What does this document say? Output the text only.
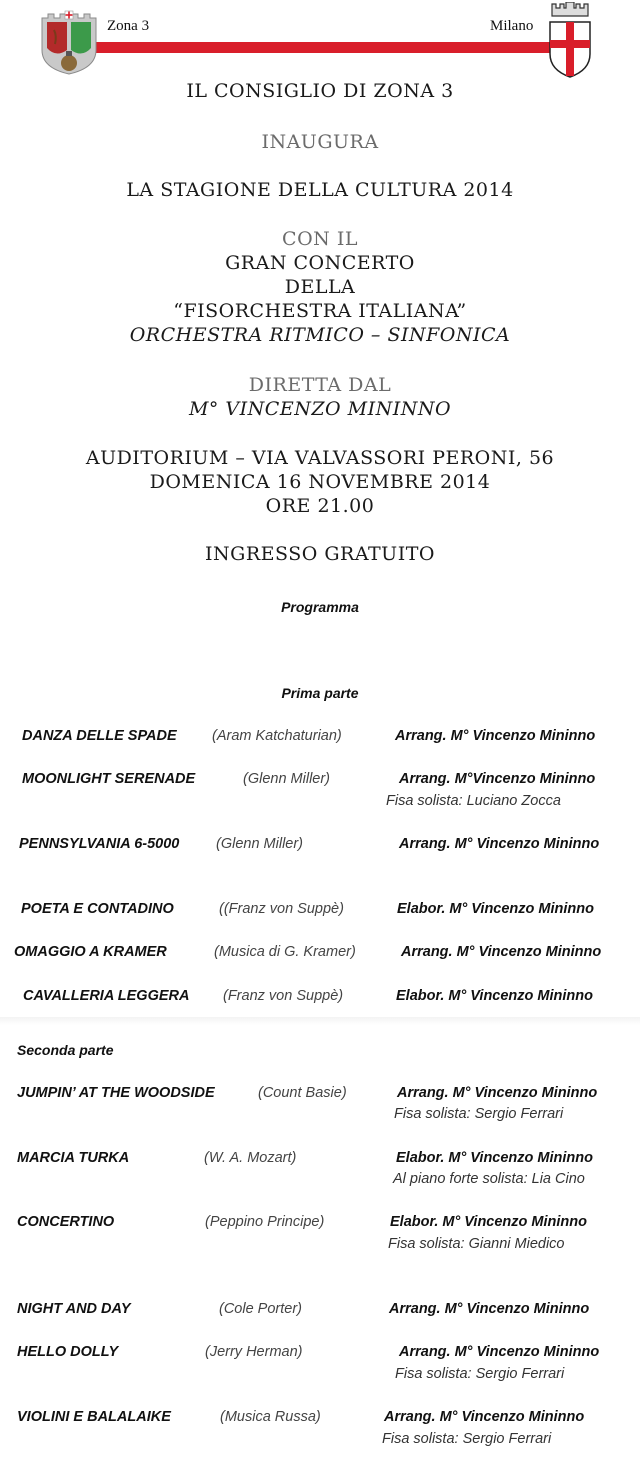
Zona 3	Milano
IL CONSIGLIO DI ZONA 3
INAUGURA
LA STAGIONE DELLA CULTURA 2014
CON IL
GRAN CONCERTO
DELLA
“FISORCHESTRA ITALIANA”
ORCHESTRA RITMICO – SINFONICA
DIRETTA DAL
M° VINCENZO MININNO
AUDITORIUM – VIA VALVASSORI PERONI, 56
DOMENICA 16 NOVEMBRE 2014
ORE 21.00
INGRESSO GRATUITO
Programma
Prima parte
DANZA DELLE SPADE (Aram Katchaturian)	Arrang. M° Vincenzo Mininno
MOONLIGHT SERENADE	(Glenn Miller)	Arrang. M°Vincenzo Mininno
Fisa solista: Luciano Zocca
PENNSYLVANIA 6-5000	(Glenn Miller)	Arrang. M° Vincenzo Mininno
POETA E CONTADINO	((Franz von Suppè)	Elabor. M° Vincenzo Mininno
OMAGGIO A KRAMER	(Musica di G. Kramer)	Arrang. M° Vincenzo Mininno
CAVALLERIA LEGGERA (Franz von Suppè)	Elabor. M° Vincenzo Mininno
Seconda parte
JUMPIN’ AT THE WOODSIDE	(Count Basie)	Arrang. M° Vincenzo Mininno
Fisa solista: Sergio Ferrari
MARCIA TURKA	(W. A. Mozart)	Elabor. M° Vincenzo Mininno
Al piano forte solista: Lia Cino
CONCERTINO	(Peppino Principe)	Elabor. M° Vincenzo Mininno
Fisa solista: Gianni Miedico
NIGHT AND DAY	(Cole Porter)	Arrang. M° Vincenzo Mininno
HELLO DOLLY	(Jerry Herman)	Arrang. M° Vincenzo Mininno
Fisa solista: Sergio Ferrari
VIOLINI E BALALAIKE	(Musica Russa)	Arrang. M° Vincenzo Mininno
Fisa solista: Sergio Ferrari
